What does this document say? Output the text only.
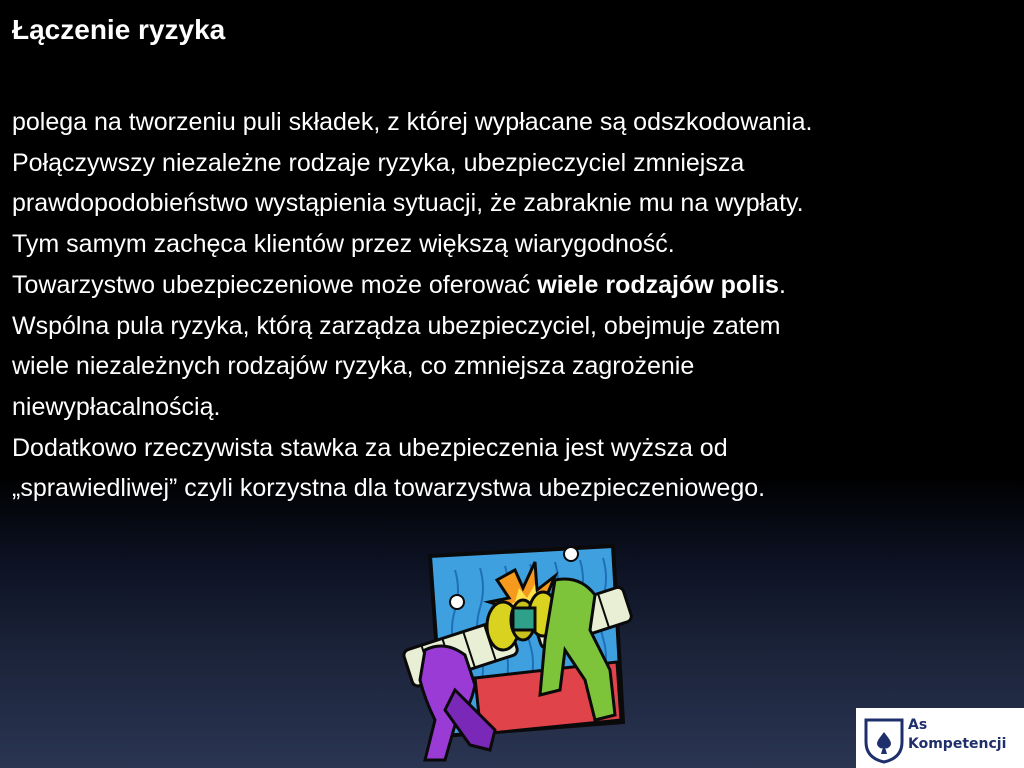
Łączenie ryzyka
polega na tworzeniu puli składek, z której wypłacane są odszkodowania.
Połączywszy niezależne rodzaje ryzyka, ubezpieczyciel zmniejsza
prawdopodobieństwo wystąpienia sytuacji, że zabraknie mu na wypłaty.
Tym samym zachęca klientów przez większą wiarygodność.
Towarzystwo ubezpieczeniowe może oferować wiele rodzajów polis.
Wspólna pula ryzyka, którą zarządza ubezpieczyciel, obejmuje zatem
wiele niezależnych rodzajów ryzyka, co zmniejsza zagrożenie
niewypłacalnością.
Dodatkowo rzeczywista stawka za ubezpieczenia jest wyższa od
„sprawiedliwej” czyli korzystna dla towarzystwa ubezpieczeniowego.
As
Kompetencji
